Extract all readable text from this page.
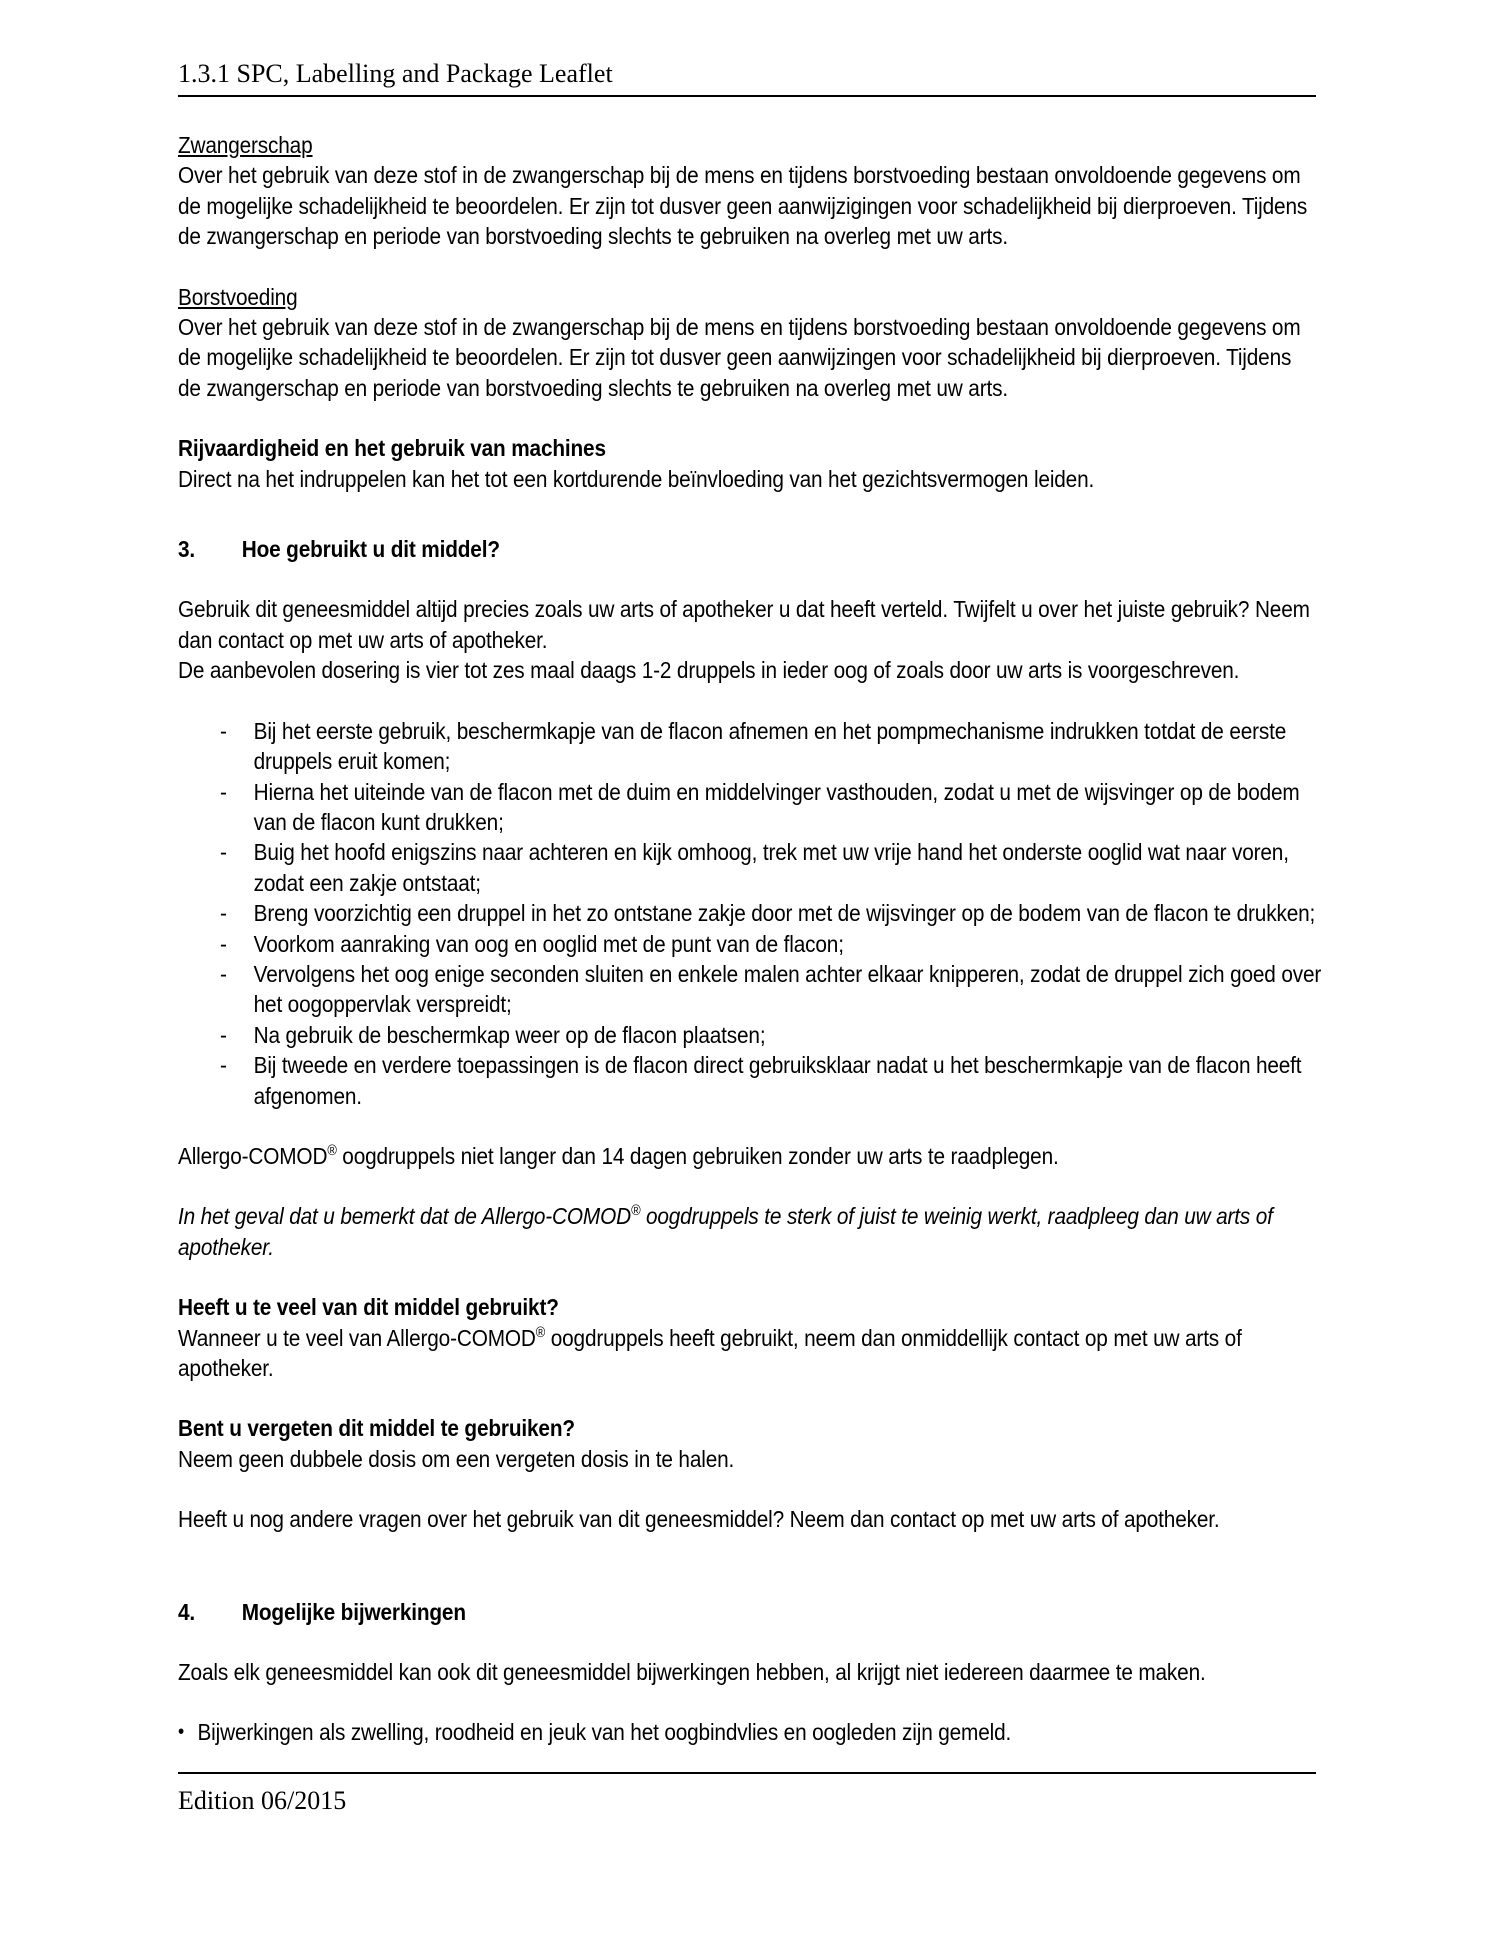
1.3.1 SPC, Labelling and Package Leaflet

Zwangerschap

Over het gebruik van deze stof in de zwangerschap bij de mens en tijdens borstvoeding bestaan onvoldoende gegevens om de mogelijke schadelijkheid te beoordelen. Er zijn tot dusver geen aanwijzigingen voor schadelijkheid bij dierproeven. Tijdens de zwangerschap en periode van borstvoeding slechts te gebruiken na overleg met uw arts.

Borstvoeding

Over het gebruik van deze stof in de zwangerschap bij de mens en tijdens borstvoeding bestaan onvoldoende gegevens om de mogelijke schadelijkheid te beoordelen. Er zijn tot dusver geen aanwijzingen voor schadelijkheid bij dierproeven. Tijdens de zwangerschap en periode van borstvoeding slechts te gebruiken na overleg met uw arts.

Rijvaardigheid en het gebruik van machines

Direct na het indruppelen kan het tot een kortdurende beïnvloeding van het gezichtsvermogen leiden.

3. Hoe gebruikt u dit middel?

Gebruik dit geneesmiddel altijd precies zoals uw arts of apotheker u dat heeft verteld. Twijfelt u over het juiste gebruik? Neem dan contact op met uw arts of apotheker.

De aanbevolen dosering is vier tot zes maal daags 1-2 druppels in ieder oog of zoals door uw arts is voorgeschreven.

- Bij het eerste gebruik, beschermkapje van de flacon afnemen en het pompmechanisme indrukken totdat de eerste druppels eruit komen;
- Hierna het uiteinde van de flacon met de duim en middelvinger vasthouden, zodat u met de wijsvinger op de bodem van de flacon kunt drukken;
- Buig het hoofd enigszins naar achteren en kijk omhoog, trek met uw vrije hand het onderste ooglid wat naar voren, zodat een zakje ontstaat;
- Breng voorzichtig een druppel in het zo ontstane zakje door met de wijsvinger op de bodem van de flacon te drukken;
- Voorkom aanraking van oog en ooglid met de punt van de flacon;
- Vervolgens het oog enige seconden sluiten en enkele malen achter elkaar knipperen, zodat de druppel zich goed over het oogoppervlak verspreidt;
- Na gebruik de beschermkap weer op de flacon plaatsen;
- Bij tweede en verdere toepassingen is de flacon direct gebruiksklaar nadat u het beschermkapje van de flacon heeft afgenomen.

Allergo-COMOD® oogdruppels niet langer dan 14 dagen gebruiken zonder uw arts te raadplegen.

In het geval dat u bemerkt dat de Allergo-COMOD® oogdruppels te sterk of juist te weinig werkt, raadpleeg dan uw arts of apotheker.

Heeft u te veel van dit middel gebruikt?

Wanneer u te veel van Allergo-COMOD® oogdruppels heeft gebruikt, neem dan onmiddellijk contact op met uw arts of apotheker.

Bent u vergeten dit middel te gebruiken?

Neem geen dubbele dosis om een vergeten dosis in te halen.

Heeft u nog andere vragen over het gebruik van dit geneesmiddel? Neem dan contact op met uw arts of apotheker.

4. Mogelijke bijwerkingen

Zoals elk geneesmiddel kan ook dit geneesmiddel bijwerkingen hebben, al krijgt niet iedereen daarmee te maken.

• Bijwerkingen als zwelling, roodheid en jeuk van het oogbindvlies en oogleden zijn gemeld.
Edition 06/2015
